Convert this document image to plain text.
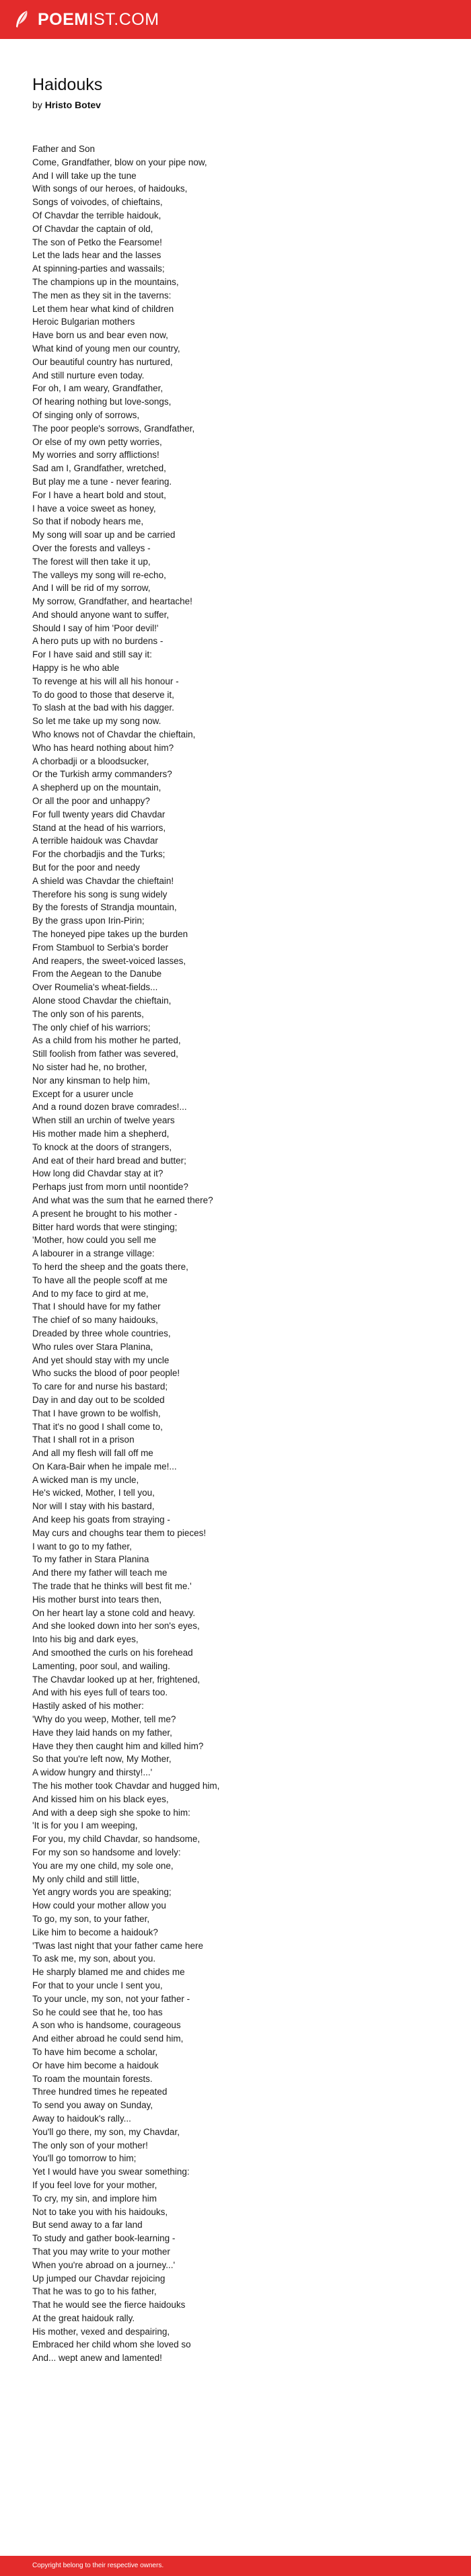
POEMIST.COM
Haidouks
by Hristo Botev
Father and Son
Come, Grandfather, blow on your pipe now,
And I will take up the tune
With songs of our heroes, of haidouks,
Songs of voivodes, of chieftains,
Of Chavdar the terrible haidouk,
Of Chavdar the captain of old,
The son of Petko the Fearsome!
Let the lads hear and the lasses
At spinning-parties and wassails;
The champions up in the mountains,
The men as they sit in the taverns:
Let them hear what kind of children
Heroic Bulgarian mothers
Have born us and bear even now,
What kind of young men our country,
Our beautiful country has nurtured,
And still nurture even today.
For oh, I am weary, Grandfather,
Of hearing nothing but love-songs,
Of singing only of sorrows,
The poor people's sorrows, Grandfather,
Or else of my own petty worries,
My worries and sorry afflictions!
Sad am I, Grandfather, wretched,
But play me a tune - never fearing.
For I have a heart bold and stout,
I have a voice sweet as honey,
So that if nobody hears me,
My song will soar up and be carried
Over the forests and valleys -
The forest will then take it up,
The valleys my song will re-echo,
And I will be rid of my sorrow,
My sorrow, Grandfather, and heartache!
And should anyone want to suffer,
Should I say of him 'Poor devil!'
A hero puts up with no burdens -
For I have said and still say it:
Happy is he who able
To revenge at his will all his honour -
To do good to those that deserve it,
To slash at the bad with his dagger.
So let me take up my song now.
Who knows not of Chavdar the chieftain,
Who has heard nothing about him?
A chorbadji or a bloodsucker,
Or the Turkish army commanders?
A shepherd up on the mountain,
Or all the poor and unhappy?
For full twenty years did Chavdar
Stand at the head of his warriors,
A terrible haidouk was Chavdar
For the chorbadjis and the Turks;
But for the poor and needy
A shield was Chavdar the chieftain!
Therefore his song is sung widely
By the forests of Strandja mountain,
By the grass upon Irin-Pirin;
The honeyed pipe takes up the burden
From Stambuol to Serbia's border
And reapers, the sweet-voiced lasses,
From the Aegean to the Danube
Over Roumelia's wheat-fields...
Alone stood Chavdar the chieftain,
The only son of his parents,
The only chief of his warriors;
As a child from his mother he parted,
Still foolish from father was severed,
No sister had he, no brother,
Nor any kinsman to help him,
Except for a usurer uncle
And a round dozen brave comrades!...
When still an urchin of twelve years
His mother made him a shepherd,
To knock at the doors of strangers,
And eat of their hard bread and butter;
How long did Chavdar stay at it?
Perhaps just from morn until noontide?
And what was the sum that he earned there?
A present he brought to his mother -
Bitter hard words that were stinging;
'Mother, how could you sell me
A labourer in a strange village:
To herd the sheep and the goats there,
To have all the people scoff at me
And to my face to gird at me,
That I should have for my father
The chief of so many haidouks,
Dreaded by three whole countries,
Who rules over Stara Planina,
And yet should stay with my uncle
Who sucks the blood of poor people!
To care for and nurse his bastard;
Day in and day out to be scolded
That I have grown to be wolfish,
That it's no good I shall come to,
That I shall rot in a prison
And all my flesh will fall off me
On Kara-Bair when he impale me!...
A wicked man is my uncle,
He's wicked, Mother, I tell you,
Nor will I stay with his bastard,
And keep his goats from straying -
May curs and choughs tear them to pieces!
I want to go to my father,
To my father in Stara Planina
And there my father will teach me
The trade that he thinks will best fit me.'
His mother burst into tears then,
On her heart lay a stone cold and heavy.
And she looked down into her son's eyes,
Into his big and dark eyes,
And smoothed the curls on his forehead
Lamenting, poor soul, and wailing.
The Chavdar looked up at her, frightened,
And with his eyes full of tears too.
Hastily asked of his mother:
'Why do you weep, Mother, tell me?
Have they laid hands on my father,
Have they then caught him and killed him?
So that you're left now, My Mother,
A widow hungry and thirsty!...'
The his mother took Chavdar and hugged him,
And kissed him on his black eyes,
And with a deep sigh she spoke to him:
'It is for you I am weeping,
For you, my child Chavdar, so handsome,
For my son so handsome and lovely:
You are my one child, my sole one,
My only child and still little,
Yet angry words you are speaking;
How could your mother allow you
To go, my son, to your father,
Like him to become a haidouk?
'Twas last night that your father came here
To ask me, my son, about you.
He sharply blamed me and chides me
For that to your uncle I sent you,
To your uncle, my son, not your father -
So he could see that he, too has
A son who is handsome, courageous
And either abroad he could send him,
To have him become a scholar,
Or have him become a haidouk
To roam the mountain forests.
Three hundred times he repeated
To send you away on Sunday,
Away to haidouk's rally...
You'll go there, my son, my Chavdar,
The only son of your mother!
You'll go tomorrow to him;
Yet I would have you swear something:
If you feel love for your mother,
To cry, my sin, and implore him
Not to take you with his haidouks,
But send away to a far land
To study and gather book-learning -
That you may write to your mother
When you're abroad on a journey...'
Up jumped our Chavdar rejoicing
That he was to go to his father,
That he would see the fierce haidouks
At the great haidouk rally.
His mother, vexed and despairing,
Embraced her child whom she loved so
And... wept anew and lamented!
Copyright belong to their respective owners.
